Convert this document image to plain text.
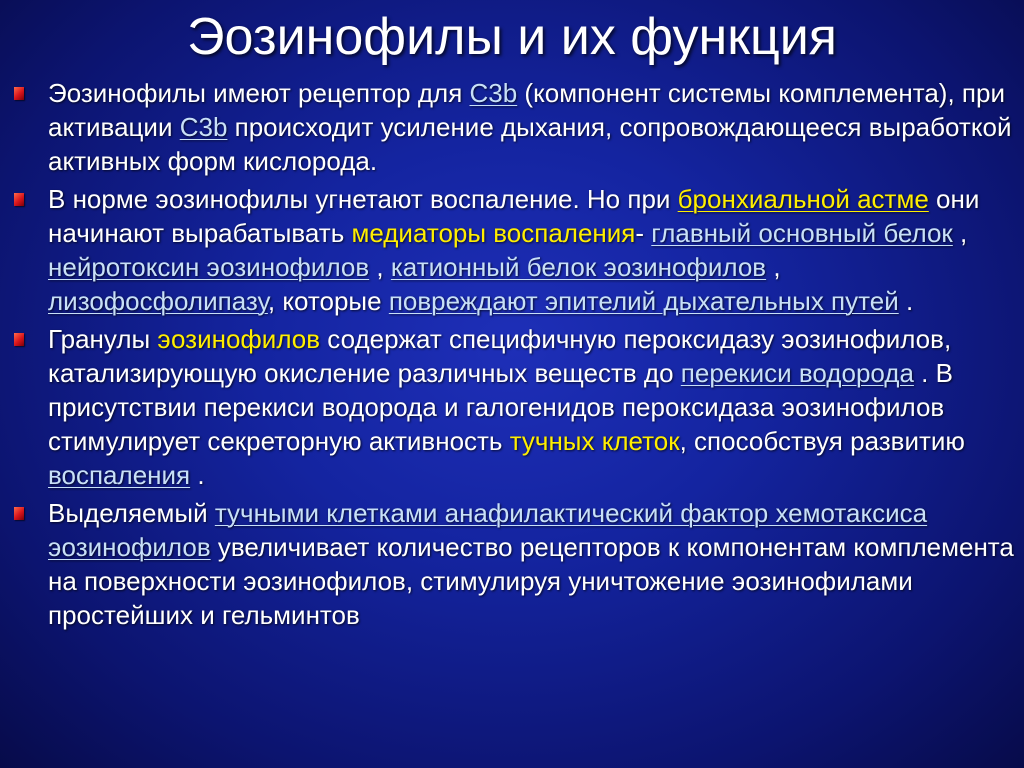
Эозинофилы и их функция
Эозинофилы имеют рецептор для C3b (компонент системы комплемента), при активации C3b происходит усиление дыхания, сопровождающееся выработкой активных форм кислорода.
В норме эозинофилы угнетают воспаление. Но при бронхиальной астме они начинают вырабатывать медиаторы воспаления- главный основный белок , нейротоксин эозинофилов , катионный белок эозинофилов , лизофосфолипазу, которые повреждают эпителий дыхательных путей .
Гранулы эозинофилов содержат специфичную пероксидазу эозинофилов, катализирующую окисление различных веществ до перекиси водорода . В присутствии перекиси водорода и галогенидов пероксидаза эозинофилов стимулирует секреторную активность тучных клеток, способствуя развитию воспаления .
Выделяемый тучными клетками анафилактический фактор хемотаксиса эозинофилов увеличивает количество рецепторов к компонентам комплемента на поверхности эозинофилов, стимулируя уничтожение эозинофилами простейших и гельминтов
